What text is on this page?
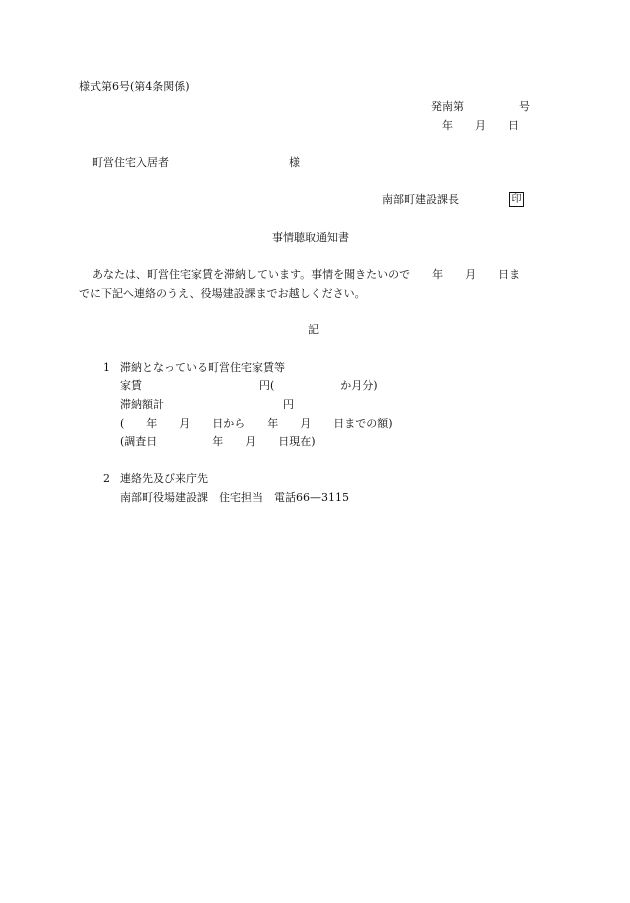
様式第6号(第4条関係)
発南第　　　　　号
年　　月　　日
町営住宅入居者	様
南部町建設課長	印
事情聴取通知書
あなたは、町営住宅家賃を滞納しています。事情を聞きたいので　　年　　月　　日ま
でに下記へ連絡のうえ、役場建設課までお越しください。
記
1 滞納となっている町営住宅家賃等
家賃	円(　　　　　　か月分)
滞納額計	円
(　　年　　月　　日から　　年　　月　　日までの額)
(調査日　　　　　年　　月　　日現在)
2 連絡先及び来庁先
南部町役場建設課　住宅担当　電話66—3115
